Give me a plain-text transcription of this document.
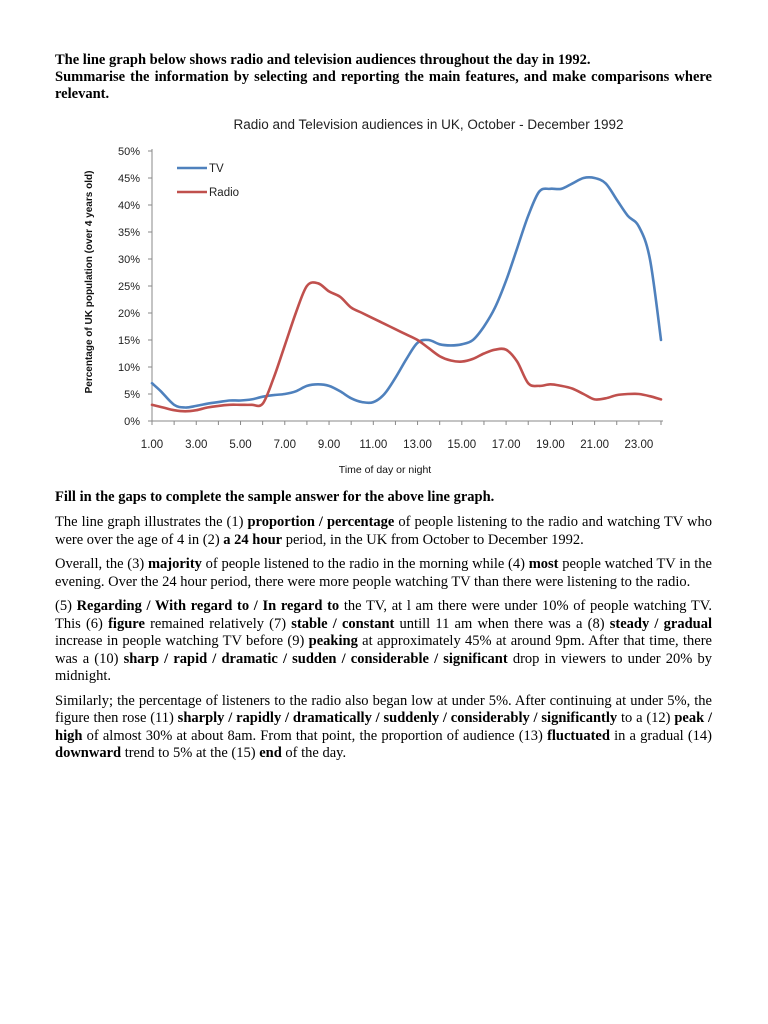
The line graph below shows radio and television audiences throughout the day in 1992.

Summarise the information by selecting and reporting the main features, and make comparisons where relevant.

Radio and Television audiences in UK, October - December 1992
0%
5%
10%
15%
20%
25%
30%
35%
40%
45%
50%
1.00 3.00 5.00 7.00 9.00 11.00 13.00 15.00 17.00 19.00 21.00 23.00
Time of day or night
Percentage of UK population (over 4 years old)
TV
Radio
Fill in the gaps to complete the sample answer for the above line graph.

The line graph illustrates the (1) proportion / percentage of people listening to the radio and watching TV who were over the age of 4 in (2) a 24 hour period, in the UK from October to December 1992.

Overall, the (3) majority of people listened to the radio in the morning while (4) most people watched TV in the evening. Over the 24 hour period, there were more people watching TV than there were listening to the radio.

(5) Regarding / With regard to / In regard to the TV, at l am there were under 10% of people watching TV. This (6) figure remained relatively (7) stable / constant untill 11 am when there was a (8) steady / gradual increase in people watching TV before (9) peaking at approximately 45% at around 9pm. After that time, there was a (10) sharp / rapid / dramatic / sudden / considerable / significant drop in viewers to under 20% by midnight.

Similarly; the percentage of listeners to the radio also began low at under 5%. After continuing at under 5%, the figure then rose (11) sharply / rapidly / dramatically / suddenly / considerably / significantly to a (12) peak / high of almost 30% at about 8am. From that point, the proportion of audience (13) fluctuated in a gradual (14) downward trend to 5% at the (15) end of the day.
